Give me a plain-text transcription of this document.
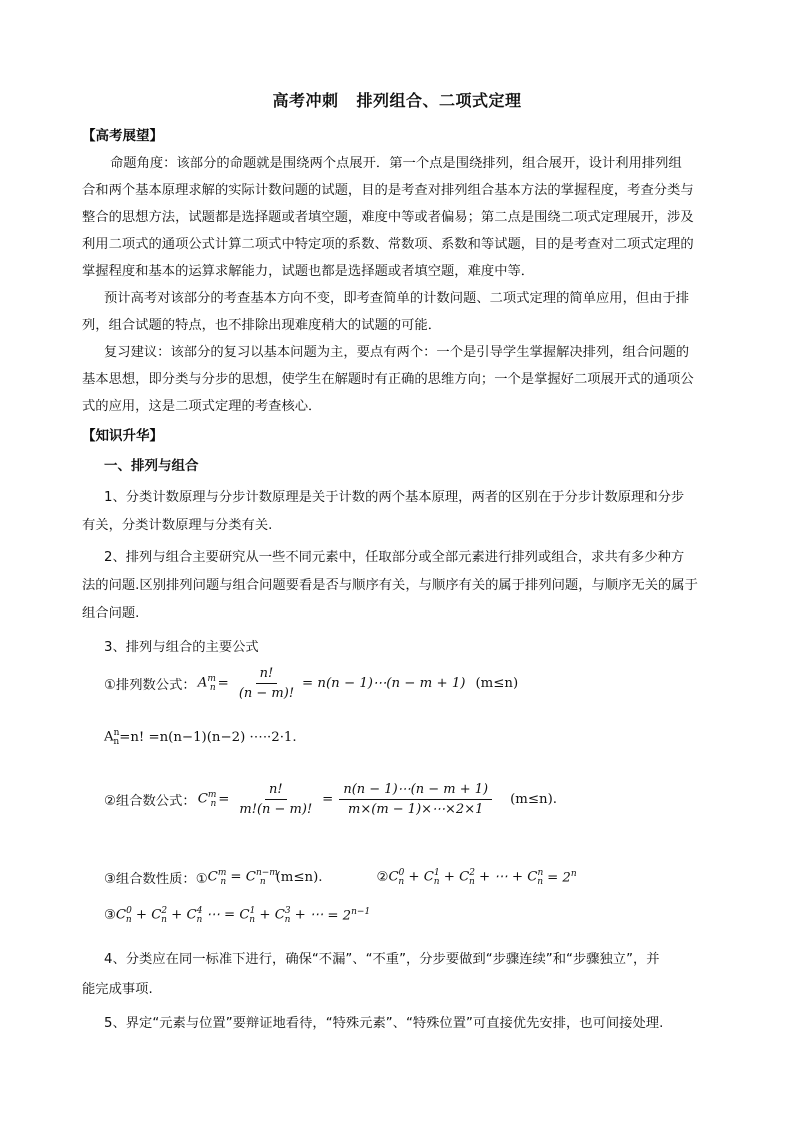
高考冲刺 排列组合、二项式定理
【高考展望】
命题角度：该部分的命题就是围绕两个点展开．第一个点是围绕排列，组合展开，设计利用排列组
合和两个基本原理求解的实际计数问题的试题，目的是考查对排列组合基本方法的掌握程度，考查分类与
整合的思想方法，试题都是选择题或者填空题，难度中等或者偏易；第二点是围绕二项式定理展开，涉及
利用二项式的通项公式计算二项式中特定项的系数、常数项、系数和等试题，目的是考查对二项式定理的
掌握程度和基本的运算求解能力，试题也都是选择题或者填空题，难度中等．
预计高考对该部分的考查基本方向不变，即考查简单的计数问题、二项式定理的简单应用，但由于排
列，组合试题的特点，也不排除出现难度稍大的试题的可能．
复习建议：该部分的复习以基本问题为主，要点有两个：一个是引导学生掌握解决排列，组合问题的
基本思想，即分类与分步的思想，使学生在解题时有正确的思维方向；一个是掌握好二项展开式的通项公
式的应用，这是二项式定理的考查核心．
【知识升华】
一、排列与组合
1、分类计数原理与分步计数原理是关于计数的两个基本原理，两者的区别在于分步计数原理和分步
有关，分类计数原理与分类有关.
2、排列与组合主要研究从一些不同元素中，任取部分或全部元素进行排列或组合，求共有多少种方
法的问题.区别排列问题与组合问题要看是否与顺序有关，与顺序有关的属于排列问题，与顺序无关的属于
组合问题.
3、排列与组合的主要公式
①排列数公式： $A^m_n = \frac{n!}{(n - m)!} = n(n$ − 1)⋯(n − m + 1) (m≤n)
$A^n_n =n$! =n(n−1)(n−2) ·⋯·2·1.
②组合数公式： $C^m_n = \frac{n!}{m!(n - m)!} = \frac{n(n - 1)\cdots(n - m + 1)}{m\times(m - 1)\times\cdots\times 2\times 1} (m\le n)$.
③组合数性质：① $C^m_n = C^{n-m}_n$ (m≤n).	② $C^0_n + C^1_n + C^2_n$ + ⋯ + $C^n_n = 2^n$
③ $C^0_n + C^2_n + C^4_n$ ⋯ = $C^1_n + C^3_n$ + ⋯ = $2^{n-1}$
4、分类应在同一标准下进行，确保“不漏”、“不重”，分步要做到“步骤连续”和“步骤独立”，并
能完成事项.
5、界定“元素与位置”要辩证地看待，“特殊元素”、“特殊位置”可直接优先安排，也可间接处理.
